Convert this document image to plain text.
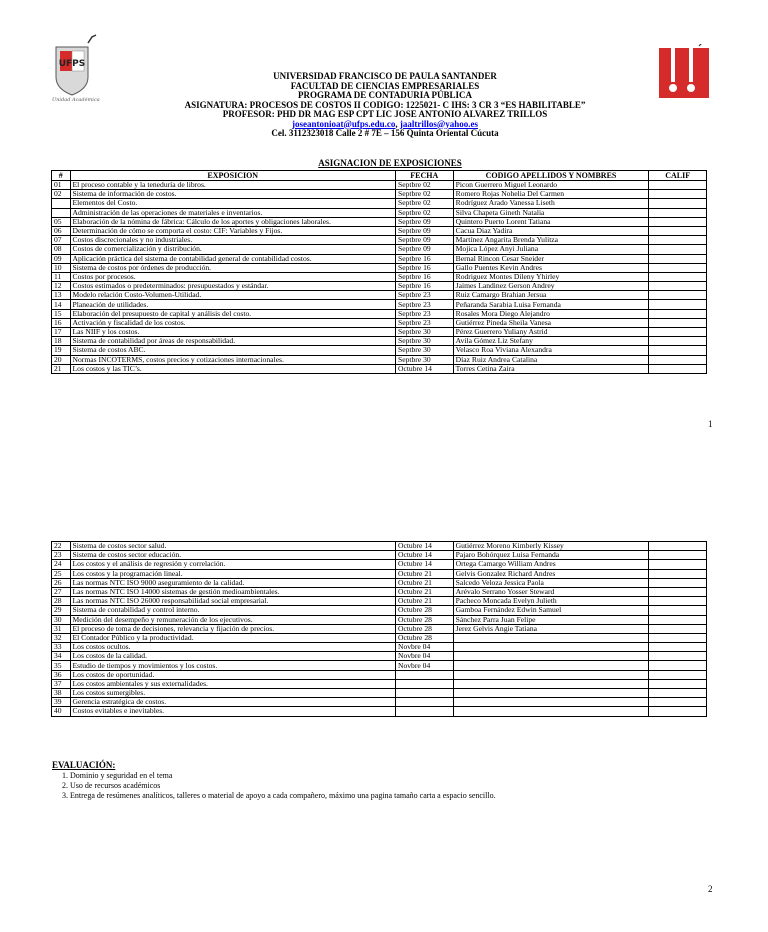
UFPS
Unidad Académica
UNIVERSIDAD FRANCISCO DE PAULA SANTANDER
FACULTAD DE CIENCIAS EMPRESARIALES
PROGRAMA DE CONTADURIA PÚBLICA
ASIGNATURA: PROCESOS DE COSTOS II CODIGO: 1225021- C IHS: 3 CR 3 “ES HABILITABLE”
PROFESOR: PHD DR MAG ESP CPT LIC JOSE ANTONIO ALVAREZ TRILLOS
joseantonioat@ufps.edu.co, jaaltrillos@yahoo.es
Cel. 3112323018 Calle 2 # 7E – 156 Quinta Oriental Cúcuta
ASIGNACION DE EXPOSICIONES
#	EXPOSICION	FECHA	CODIGO APELLIDOS Y NOMBRES	CALIF
01	El proceso contable y la teneduría de libros.	Septbre 02	Picon Guerrero Miguel Leonardo	
02	Sistema de información de costos.	Septbre 02	Romero Rojas Nohelia Del Carmen	
	Elementos del Costo.	Septbre 02	Rodríguez Arado Vanessa Liseth	
	Administración de las operaciones de materiales e inventarios.	Septbre 02	Silva Chapeta Gineth Natalia	
05	Elaboración de la nómina de fábrica: Cálculo de los aportes y obligaciones laborales.	Septbre 09	Quintero Puerto Lorent Tatiana	
06	Determinación de cómo se comporta el costo: CIF: Variables y Fijos.	Septbre 09	Cacua Diaz Yadira	
07	Costos discrecionales y no industriales.	Septbre 09	Martínez Angarita Brenda Yulitza	
08	Costos de comercialización y distribución.	Septbre 09	Mojica López Anyi Juliana	
09	Aplicación práctica del sistema de contabilidad general de contabilidad costos.	Septbre 16	Bernal Rincon Cesar Sneider	
10	Sistema de costos por órdenes de producción.	Septbre 16	Gallo Puentes Kevin Andres	
11	Costos por procesos.	Septbre 16	Rodriguez Montes Dileny Yhirley	
12	Costos estimados o predeterminados: presupuestados y estándar.	Septbre 16	Jaimes Landinez Gerson Andrey	
13	Modelo relación Costo-Volumen-Utilidad.	Septbre 23	Ruiz Camargo Brahian Jersua	
14	Planeación de utilidades.	Septbre 23	Peñaranda Sarabia Luisa Fernanda	
15	Elaboración del presupuesto de capital y análisis del costo.	Septbre 23	Rosales Mora Diego Alejandro	
16	Activación y fiscalidad de los costos.	Septbre 23	Gutiérrez Pineda Sheila Vanesa	
17	Las NIIF y los costos.	Septbre 30	Pérez Guerrero Yuliany Astrid	
18	Sistema de contabilidad por áreas de responsabilidad.	Septbre 30	Avila Gómez Liz Stefany	
19	Sistema de costos ABC.	Septbre 30	Velasco Roa Viviana Alexandra	
20	Normas INCOTERMS, costos precios y cotizaciones internacionales.	Septbre 30	Díaz Ruiz Andrea Catalina	
21	Los costos y las TIC’s.	Octubre 14	Torres Cetina Zaira	
1
22	Sistema de costos sector salud.	Octubre 14	Gutiérrez Moreno Kimberly Kissey	
23	Sistema de costos sector educación.	Octubre 14	Pajaro Bohórquez Luisa Fernanda	
24	Los costos y el análisis de regresión y correlación.	Octubre 14	Ortega Camargo William Andres	
25	Los costos y la programación lineal.	Octubre 21	Gelvis Gonzalez Richard Andres	
26	Las normas NTC ISO 9000 aseguramiento de la calidad.	Octubre 21	Salcedo Veloza Jessica Paola	
27	Las normas NTC ISO 14000 sistemas de gestión medioambientales.	Octubre 21	Arévalo Serrano Yosser Steward	
28	Las normas NTC ISO 26000 responsabilidad social empresarial.	Octubre 21	Pacheco Moncada Evelyn Julieth	
29	Sistema de contabilidad y control interno.	Octubre 28	Gamboa Fernández Edwin Samuel	
30	Medición del desempeño y remuneración de los ejecutivos.	Octubre 28	Sánchez Parra Juan Felipe	
31	El proceso de toma de decisiones, relevancia y fijación de precios.	Octubre 28	Jerez Gelvis Angie Tatiana	
32	El Contador Público y la productividad.	Octubre 28		
33	Los costos ocultos.	Novbre 04		
34	Los costos de la calidad.	Novbre 04		
35	Estudio de tiempos y movimientos y los costos.	Novbre 04		
36	Los costos de oportunidad.			
37	Los costos ambientales y sus externalidades.			
38	Los costos sumergibles.			
39	Gerencia estratégica de costos.			
40	Costos evitables e inevitables.			
EVALUACIÓN:
1. Dominio y seguridad en el tema
2. Uso de recursos académicos
3. Entrega de resúmenes analíticos, talleres o material de apoyo a cada compañero, máximo una pagina tamaño carta a espacio sencillo.
2
